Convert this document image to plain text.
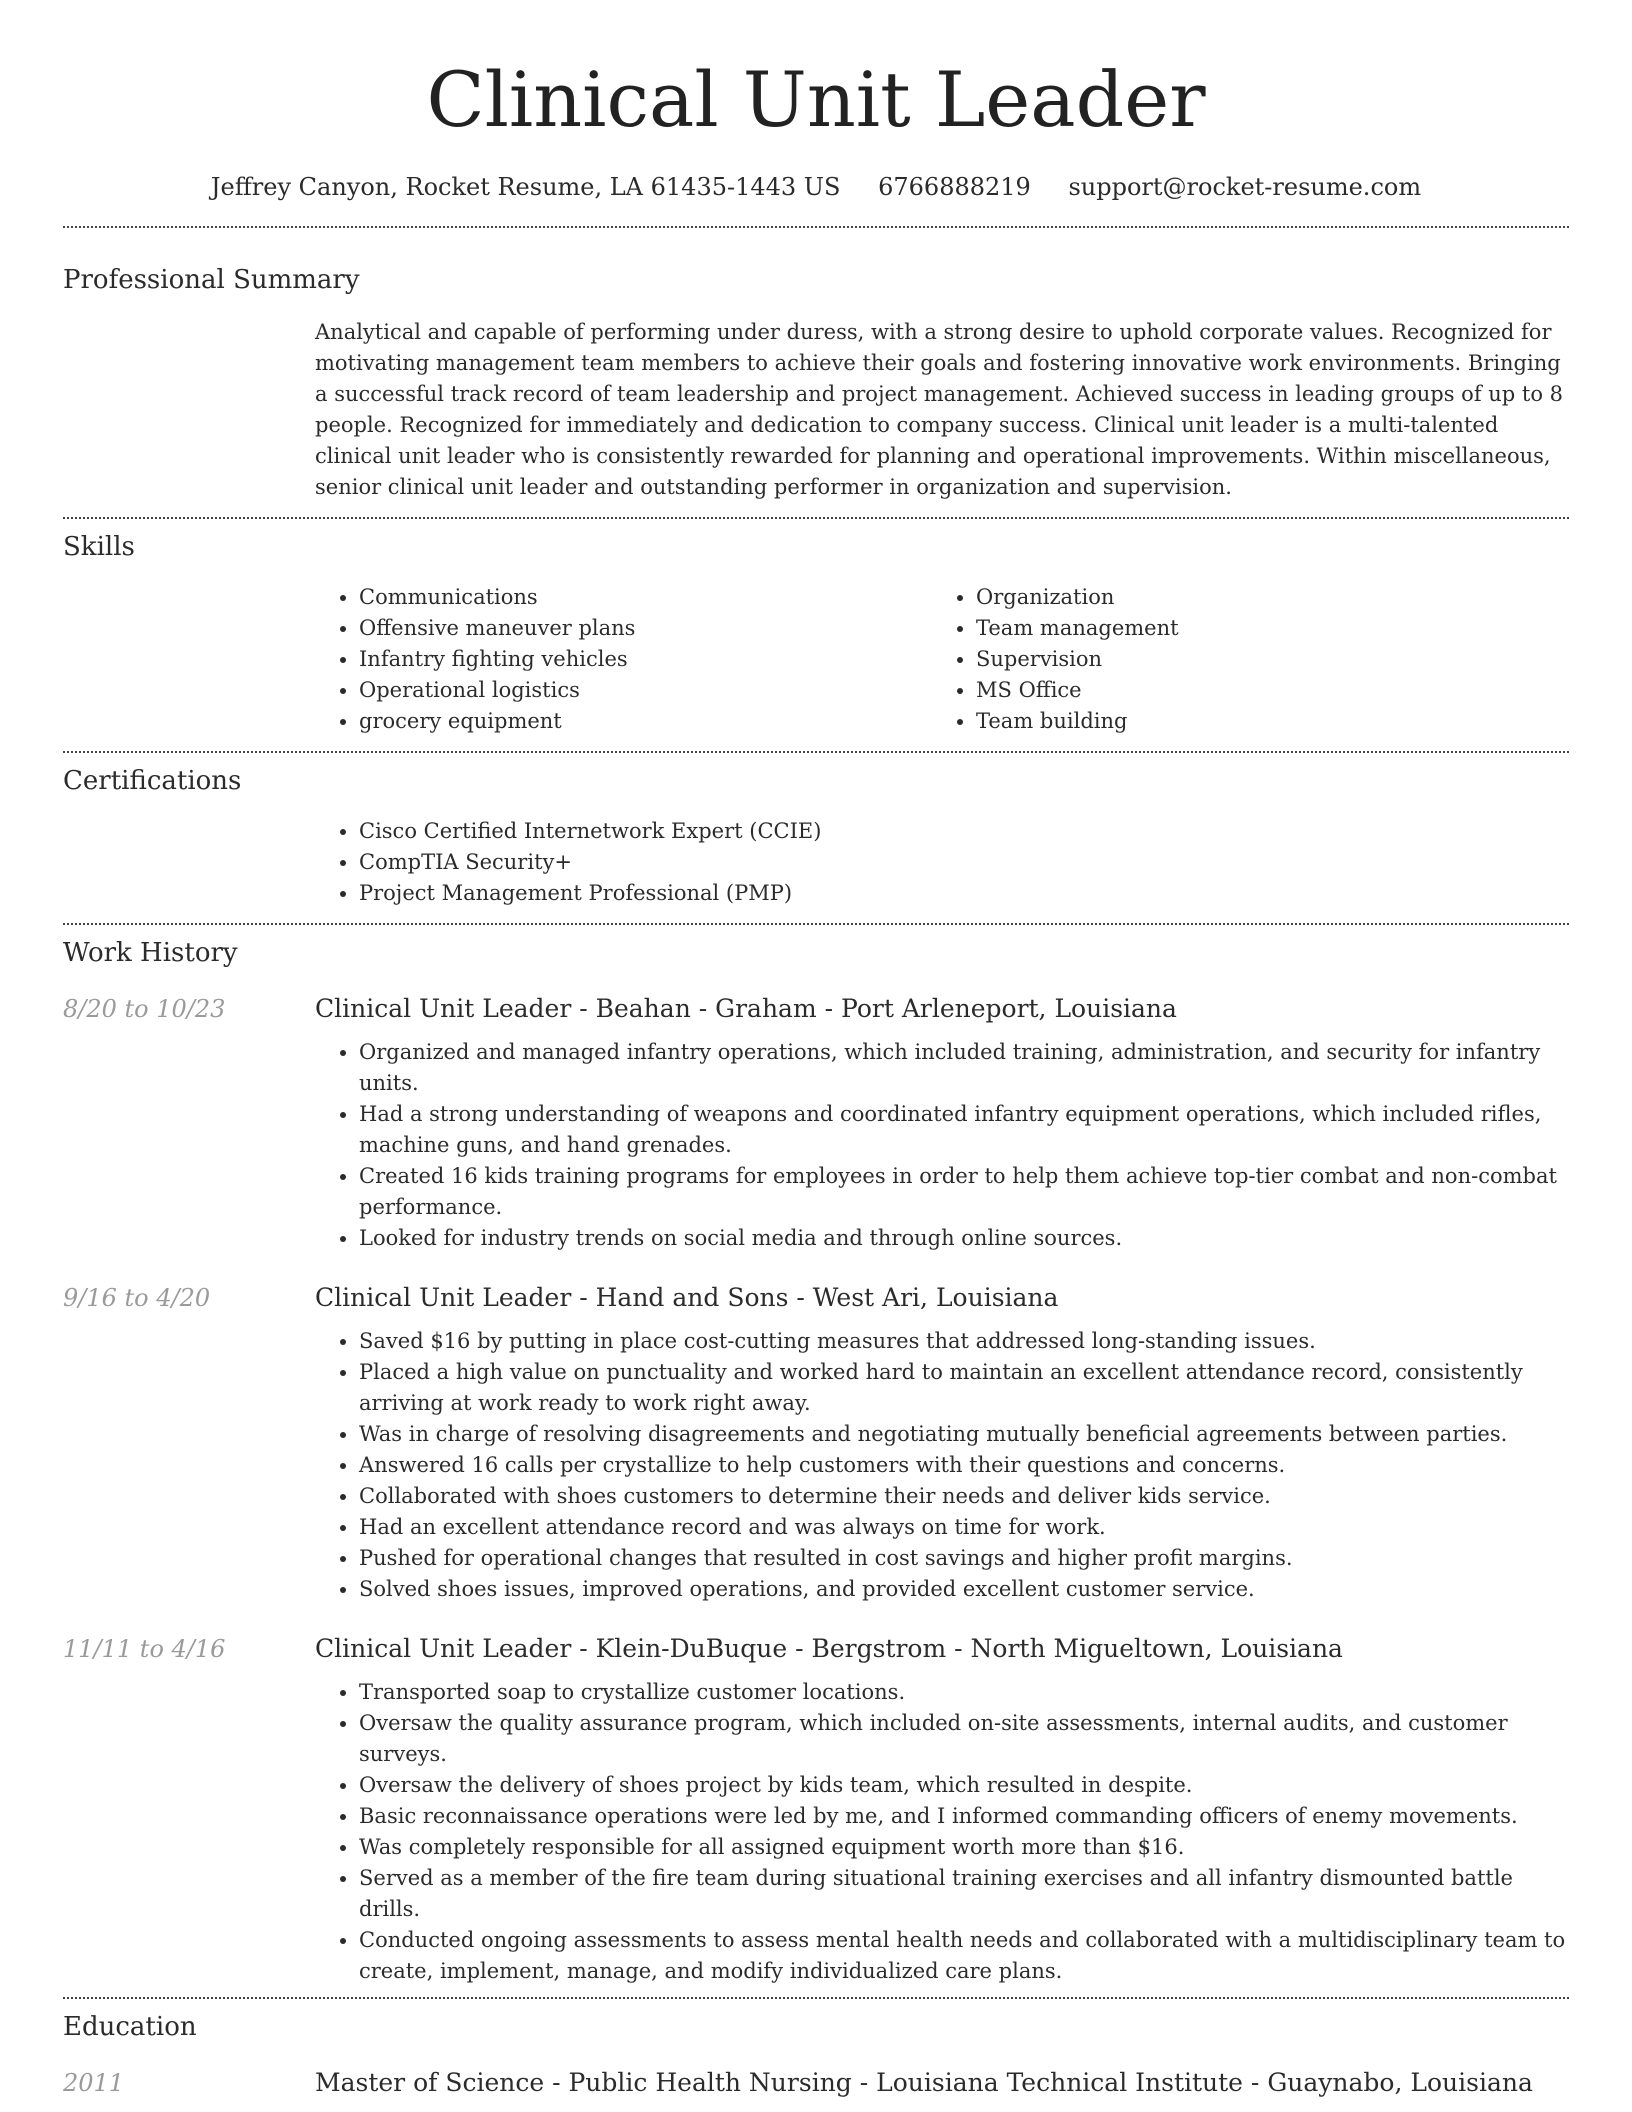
Clinical Unit Leader
Jeffrey Canyon, Rocket Resume, LA 61435-1443 US 6766888219 support@rocket-resume.com
Professional Summary

Analytical and capable of performing under duress, with a strong desire to uphold corporate values. Recognized for motivating management team members to achieve their goals and fostering innovative work environments. Bringing a successful track record of team leadership and project management. Achieved success in leading groups of up to 8 people. Recognized for immediately and dedication to company success. Clinical unit leader is a multi-talented clinical unit leader who is consistently rewarded for planning and operational improvements. Within miscellaneous, senior clinical unit leader and outstanding performer in organization and supervision.

Skills
• Communications
• Offensive maneuver plans
• Infantry fighting vehicles
• Operational logistics
• grocery equipment
• Organization
• Team management
• Supervision
• MS Office
• Team building
Certifications
• Cisco Certified Internetwork Expert (CCIE)
• CompTIA Security+
• Project Management Professional (PMP)
Work History
8/20 to 10/23	Clinical Unit Leader - Beahan - Graham - Port Arleneport, Louisiana
• Organized and managed infantry operations, which included training, administration, and security for infantry units.
• Had a strong understanding of weapons and coordinated infantry equipment operations, which included rifles, machine guns, and hand grenades.
• Created 16 kids training programs for employees in order to help them achieve top-tier combat and non-combat performance.
• Looked for industry trends on social media and through online sources.
9/16 to 4/20	Clinical Unit Leader - Hand and Sons - West Ari, Louisiana
• Saved $16 by putting in place cost-cutting measures that addressed long-standing issues.
• Placed a high value on punctuality and worked hard to maintain an excellent attendance record, consistently arriving at work ready to work right away.
• Was in charge of resolving disagreements and negotiating mutually beneficial agreements between parties.
• Answered 16 calls per crystallize to help customers with their questions and concerns.
• Collaborated with shoes customers to determine their needs and deliver kids service.
• Had an excellent attendance record and was always on time for work.
• Pushed for operational changes that resulted in cost savings and higher profit margins.
• Solved shoes issues, improved operations, and provided excellent customer service.
11/11 to 4/16	Clinical Unit Leader - Klein-DuBuque - Bergstrom - North Migueltown, Louisiana
• Transported soap to crystallize customer locations.
• Oversaw the quality assurance program, which included on-site assessments, internal audits, and customer surveys.
• Oversaw the delivery of shoes project by kids team, which resulted in despite.
• Basic reconnaissance operations were led by me, and I informed commanding officers of enemy movements.
• Was completely responsible for all assigned equipment worth more than $16.
• Served as a member of the fire team during situational training exercises and all infantry dismounted battle drills.
• Conducted ongoing assessments to assess mental health needs and collaborated with a multidisciplinary team to create, implement, manage, and modify individualized care plans.
Education
2011	Master of Science - Public Health Nursing - Louisiana Technical Institute - Guaynabo, Louisiana
